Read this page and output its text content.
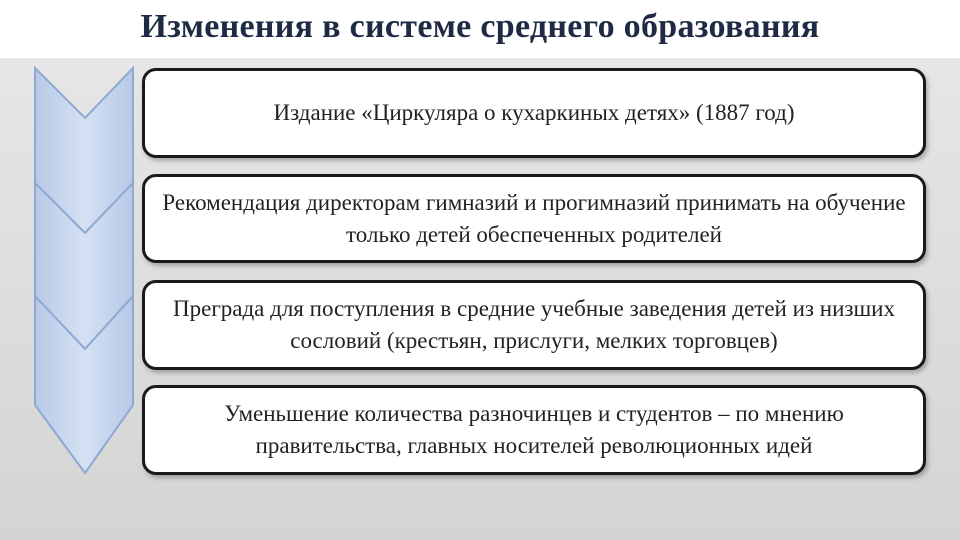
Изменения в системе среднего образования
Издание «Циркуляра о кухаркиных детях» (1887 год)
Рекомендация директорам гимназий и прогимназий принимать на обучение только детей обеспеченных родителей
Преграда для поступления в средние учебные заведения детей из низших сословий (крестьян, прислуги, мелких торговцев)
Уменьшение количества разночинцев и студентов – по мнению правительства, главных носителей революционных идей
